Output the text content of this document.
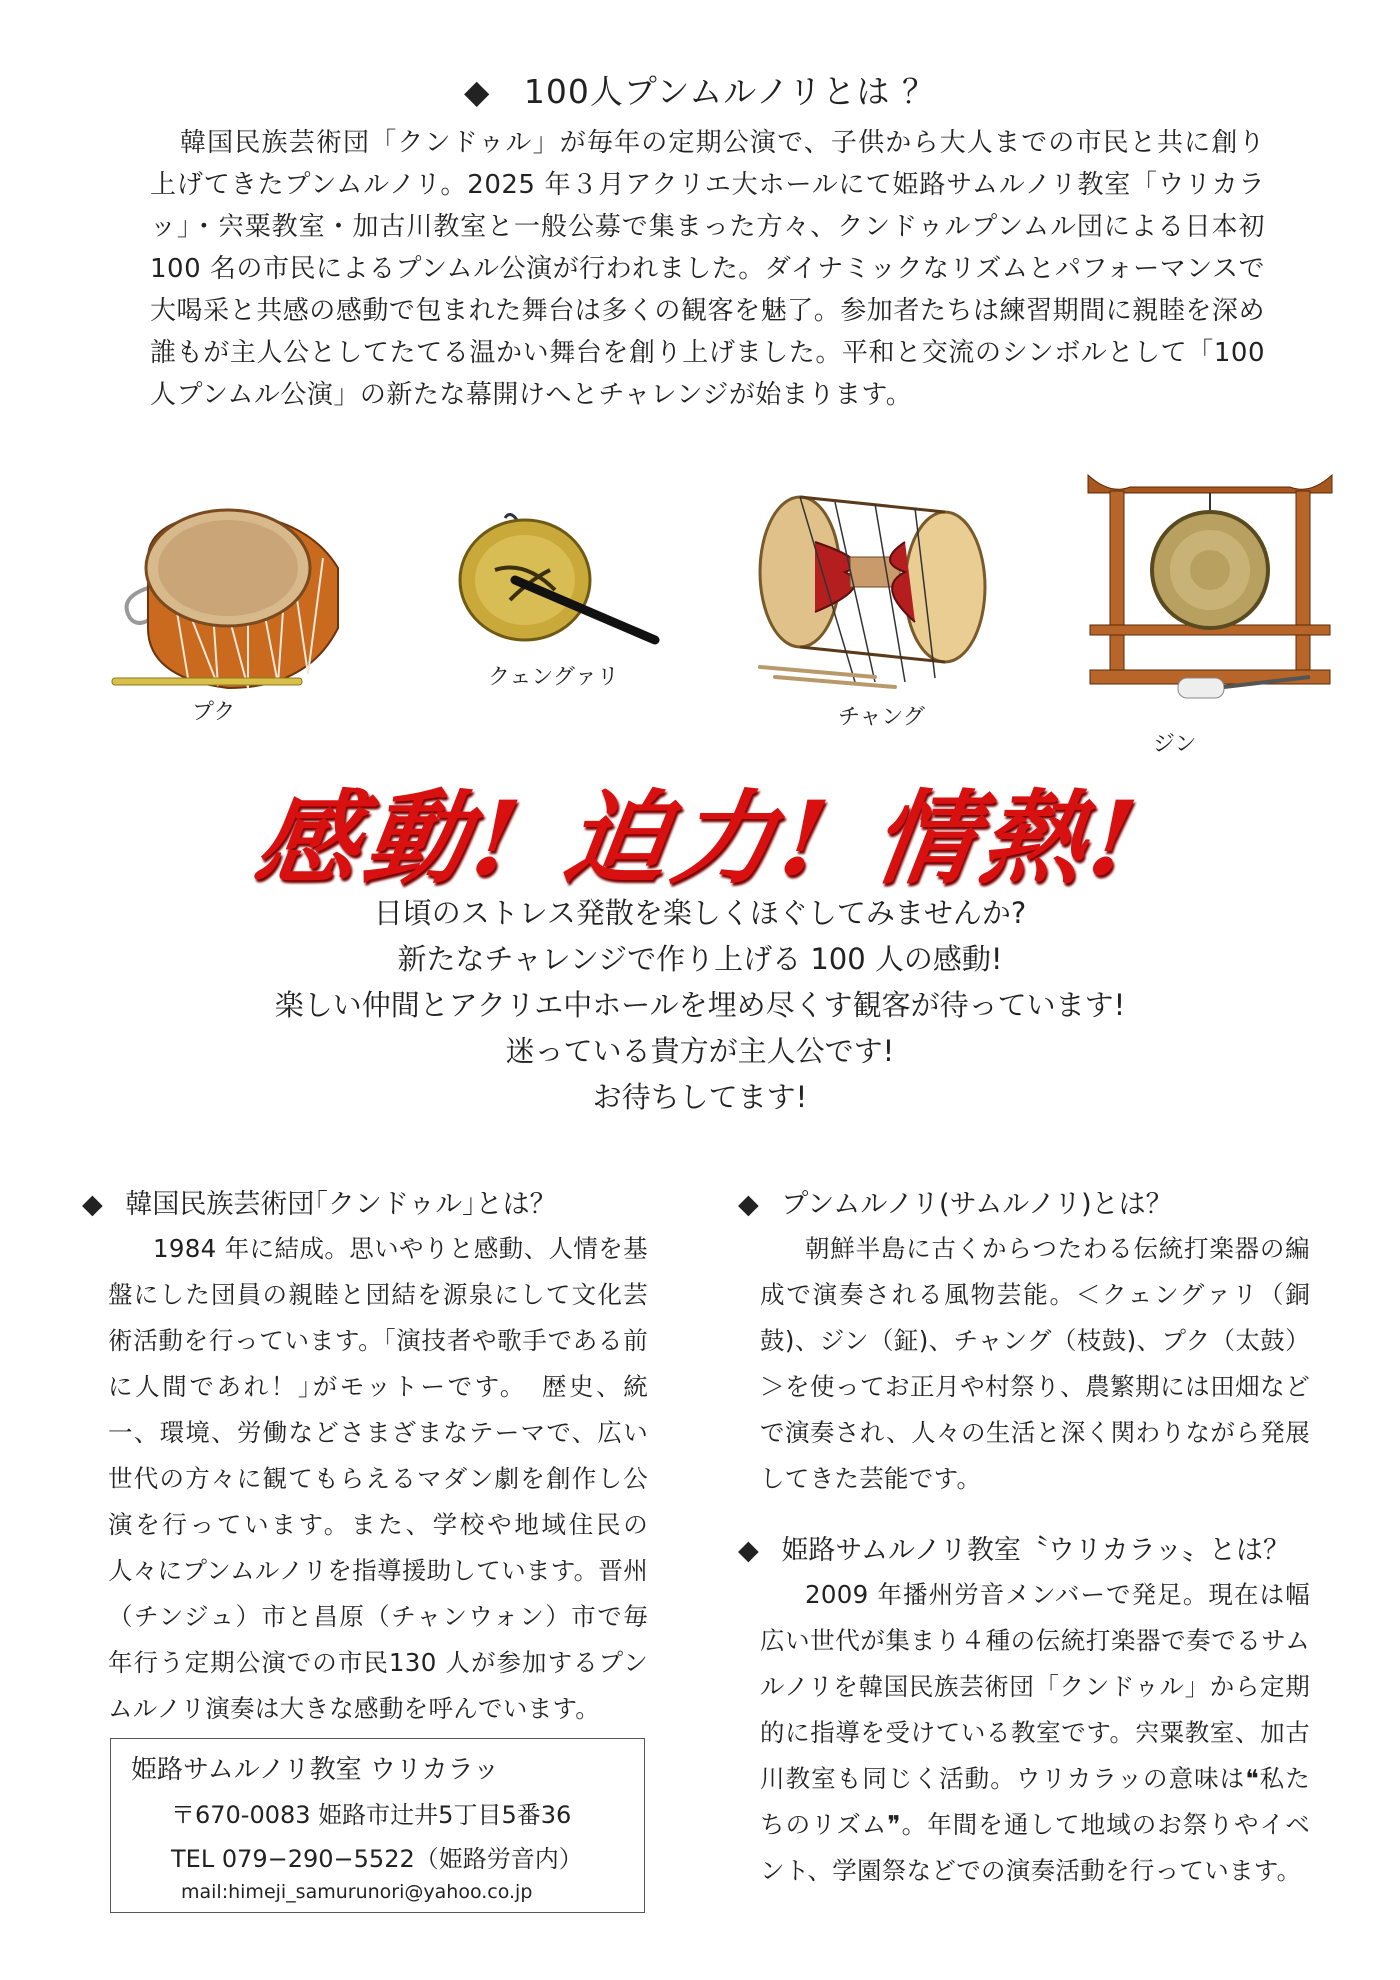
◆ 100人プンムルノリとは ？

韓国民族芸術団「クンドゥル」が毎年の定期公演で、子供から大人までの市民と共に創り上げてきたプンムルノリ。2025 年３月アクリエ大ホールにて姫路サムルノリ教室「ウリカラッ」・宍粟教室・加古川教室と一般公募で集まった方々、クンドゥルプンムル団による日本初 100 名の市民によるプンムル公演が行われました。ダイナミックなリズムとパフォーマンスで大喝采と共感の感動で包まれた舞台は多くの観客を魅了。参加者たちは練習期間に親睦を深め誰もが主人公としてたてる温かい舞台を創り上げました。平和と交流のシンボルとして「100 人プンムル公演」の新たな幕開けへとチャレンジが始まります。

プク
クェングァリ
チャング
ジン
感動! 迫力! 情熱!
日頃のストレス発散を楽しくほぐしてみませんか?
新たなチャレンジで作り上げる 100 人の感動!
楽しい仲間とアクリエ中ホールを埋め尽くす観客が待っています!
迷っている貴方が主人公です!
お待ちしてます!
◆ 韓国民族芸術団｢クンドゥル｣とは？

1984 年に結成。思いやりと感動、人情を基盤にした団員の親睦と団結を源泉にして文化芸術活動を行っています。｢演技者や歌手である前に人間であれ！｣がモットーです。　歴史、統一、環境、労働などさまざまなテーマで、広い世代の方々に観てもらえるマダン劇を創作し公演を行っています。また、学校や地域住民の人々にプンムルノリを指導援助しています。晋州（チンジュ）市と昌原（チャンウォン）市で毎年行う定期公演での市民130 人が参加するプンムルノリ演奏は大きな感動を呼んでいます。

姫路サムルノリ教室 ウリカラッ
〒670-0083 姫路市辻井5丁目5番36
TEL 079−290−5522（姫路労音内）
mail:himeji_samurunori@yahoo.co.jp
◆ プンムルノリ(サムルノリ)とは？

朝鮮半島に古くからつたわる伝統打楽器の編成で演奏される風物芸能。＜クェングァリ（銅鼓)、ジン（鉦)、チャング（枝鼓)、プク（太鼓）＞を使ってお正月や村祭り、農繁期には田畑などで演奏され、人々の生活と深く関わりながら発展してきた芸能です。

◆ 姫路サムルノリ教室〝ウリカラッ〟とは？

2009 年播州労音メンバーで発足。現在は幅広い世代が集まり４種の伝統打楽器で奏でるサムルノリを韓国民族芸術団「クンドゥル」から定期的に指導を受けている教室です。宍粟教室、加古川教室も同じく活動。ウリカラッの意味は❝私たちのリズム❞。年間を通して地域のお祭りやイベント、学園祭などでの演奏活動を行っています。
